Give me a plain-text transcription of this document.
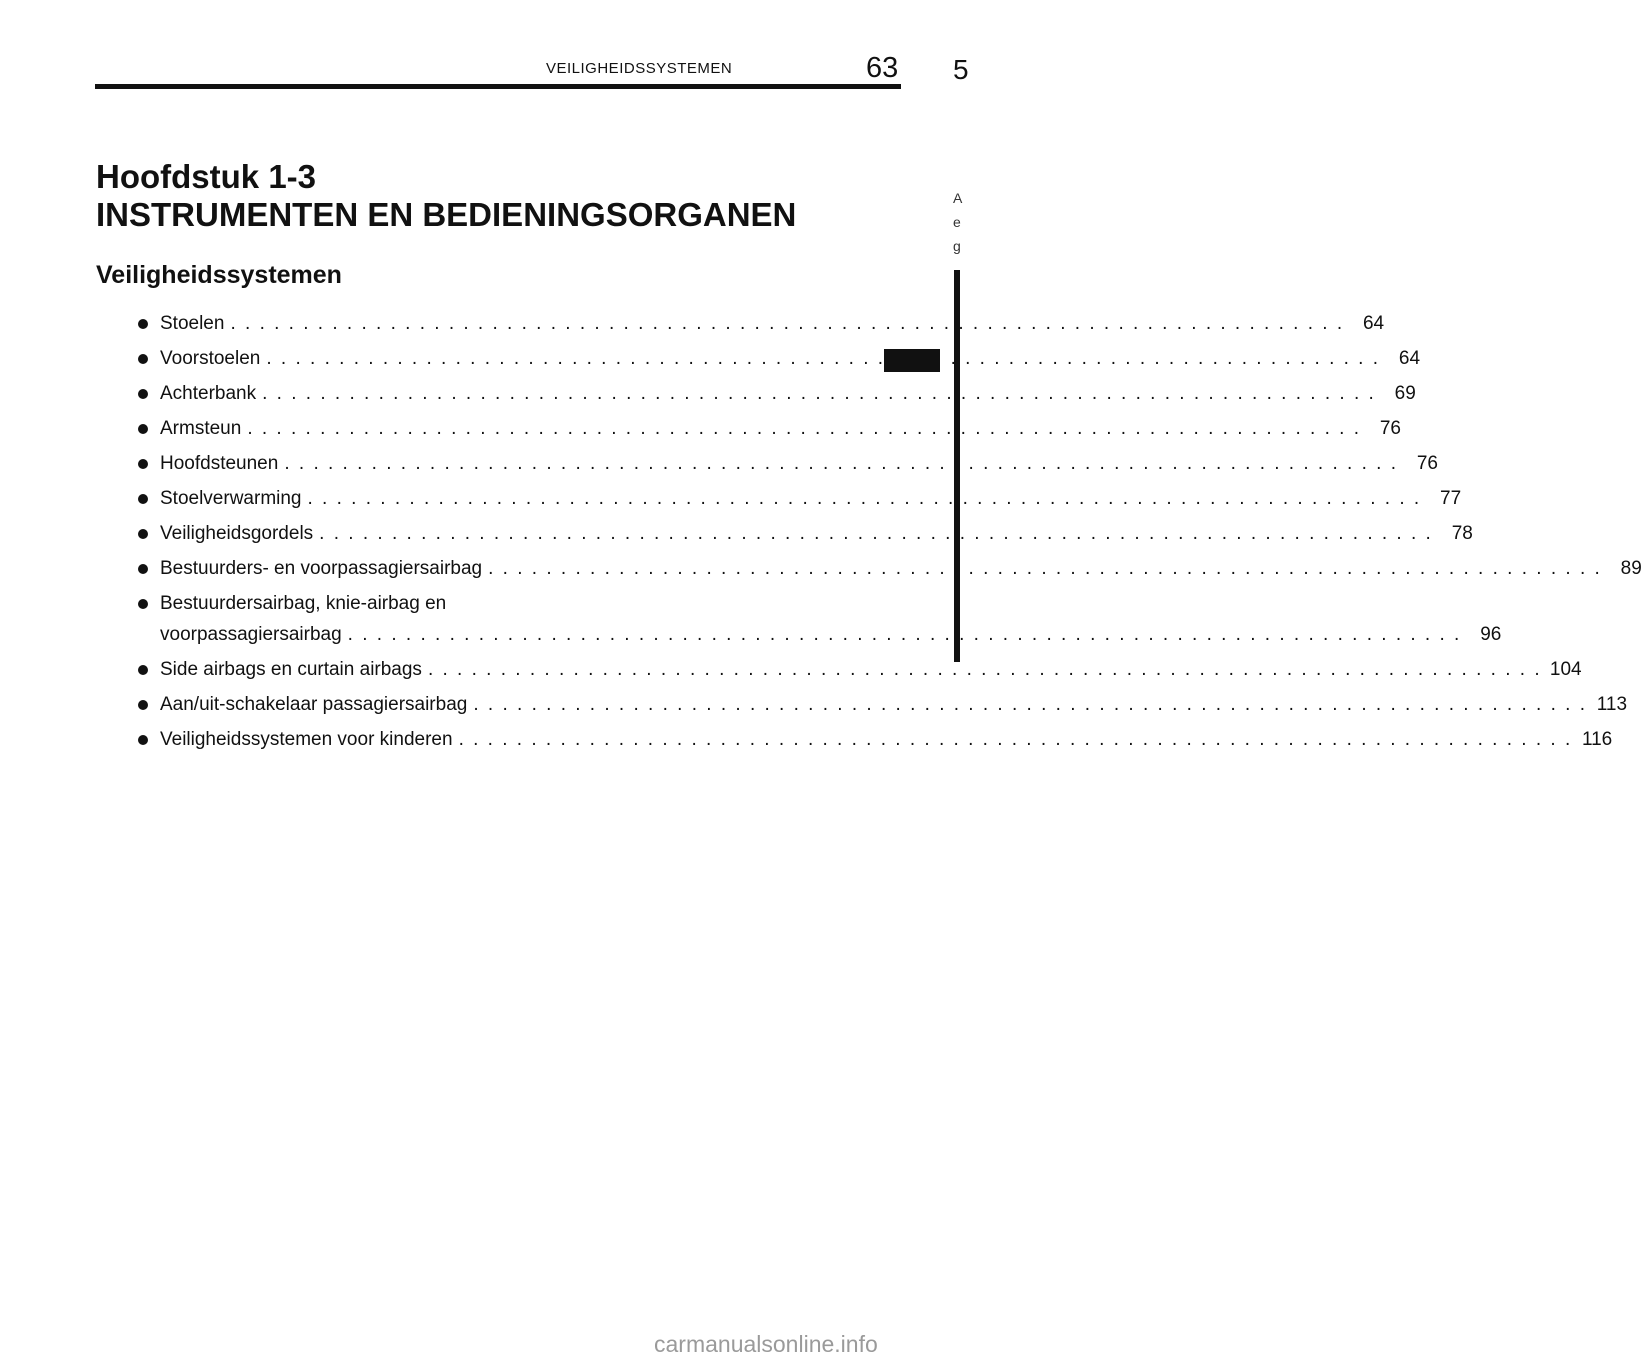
VEILIGHEIDSSYSTEMEN	63
Hoofdstuk 1-3
INSTRUMENTEN EN BEDIENINGSORGANEN
Veiligheidssystemen
Stoelen . . .	64
Voorstoelen . . .	64
Achterbank . . .	69
Armsteun . . .	76
Hoofdsteunen . . .	76
Stoelverwarming . . .	77
Veiligheidsgordels . . .	78
Bestuurders- en voorpassagiersairbag . . .	89
Bestuurdersairbag, knie-airbag en
voorpassagiersairbag . . .	96
Side airbags en curtain airbags . . .	104
Aan/uit-schakelaar passagiersairbag . . .	113
Veiligheidssystemen voor kinderen . . .	116
5
A
e
g
carmanualsonline.info
